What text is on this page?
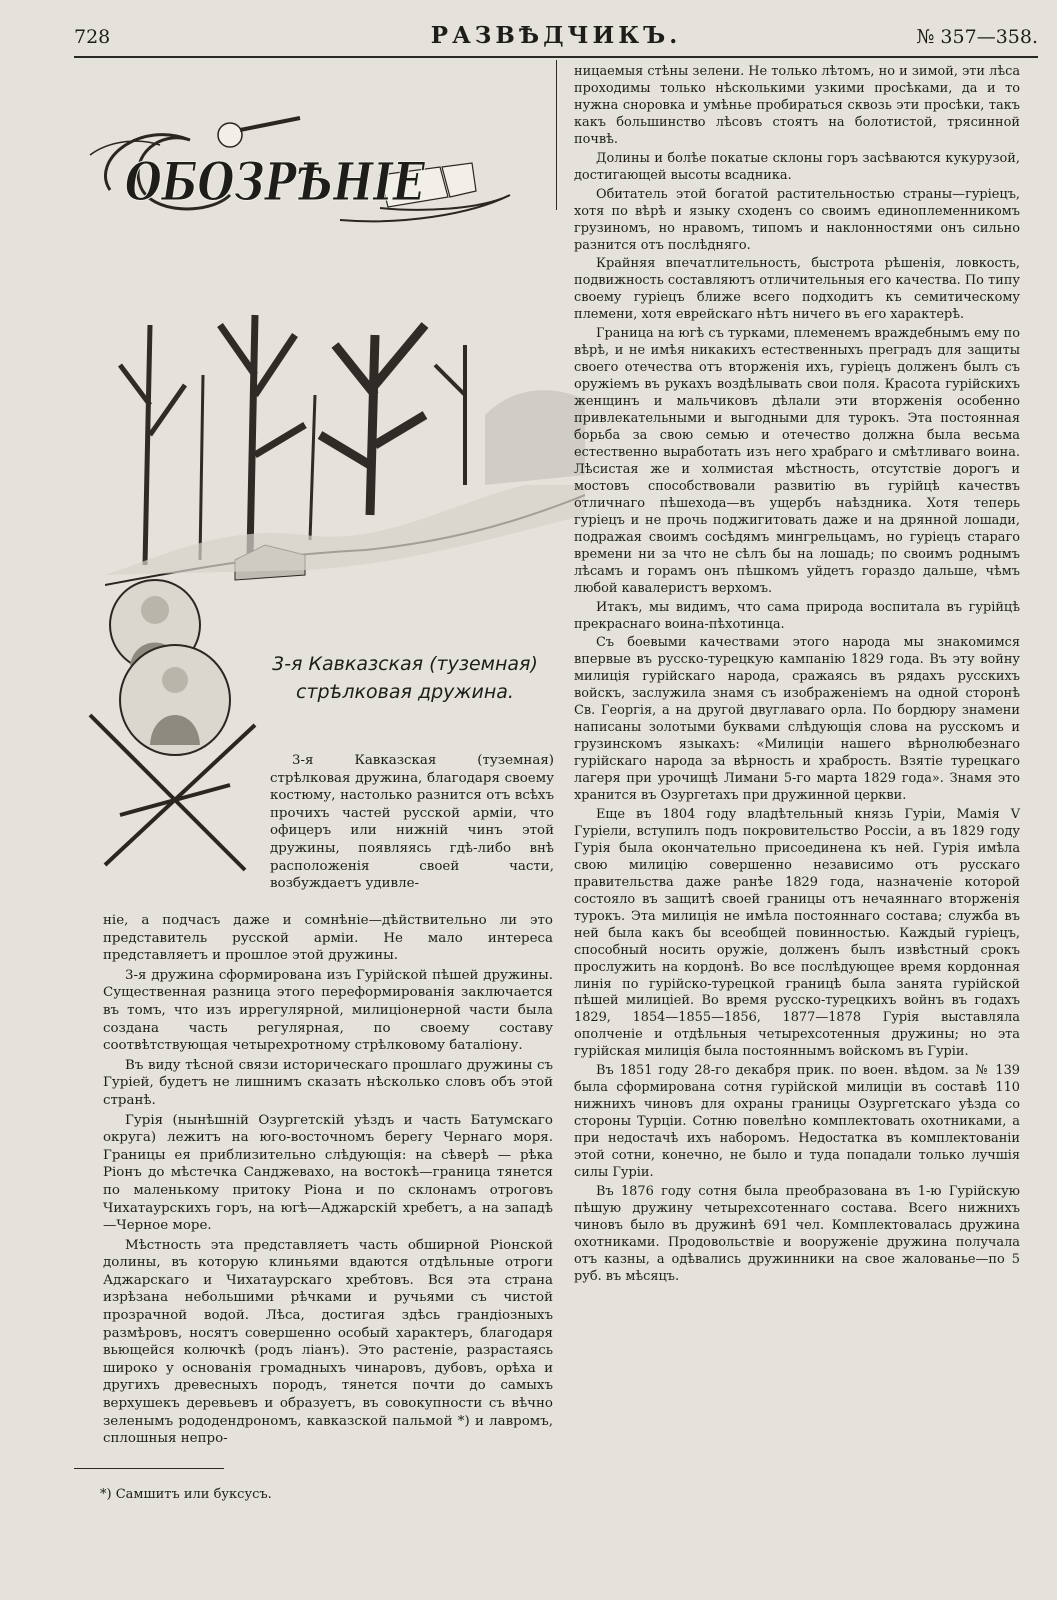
728	РАЗВѢДЧИКЪ.	№ 357—358.
ОБОЗРѢНІЕ
3-я Кавказская (туземная) стрѣлковая дружина.

3-я Кавказская (туземная) стрѣлковая дружина, благодаря своему костюму, настолько разнится отъ всѣхъ прочихъ частей русской арміи, что офицеръ или нижній чинъ этой дружины, появляясь гдѣ-либо внѣ расположенія своей части, возбуждаетъ удивле-

ніе, а подчасъ даже и сомнѣніе—дѣйствительно ли это представитель русской арміи. Не мало интереса представляетъ и прошлое этой дружины.

3-я дружина сформирована изъ Гурійской пѣшей дружины. Существенная разница этого переформированія заключается въ томъ, что изъ иррегулярной, милиціонерной части была создана часть регулярная, по своему составу соотвѣтствующая четырехротному стрѣлковому баталіону.

Въ виду тѣсной связи историческаго прошлаго дружины съ Гуріей, будетъ не лишнимъ сказать нѣсколько словъ объ этой странѣ.

Гурія (нынѣшній Озургетскій уѣздъ и часть Батумскаго округа) лежитъ на юго-восточномъ берегу Чернаго моря. Границы ея приблизительно слѣдующія: на сѣверѣ — рѣка Ріонъ до мѣстечка Санджевахо, на востокѣ—граница тянется по маленькому притоку Ріона и по склонамъ отроговъ Чихатаурскихъ горъ, на югѣ—Аджарскій хребетъ, а на западѣ—Черное море.

Мѣстность эта представляетъ часть обширной Ріонской долины, въ которую клиньями вдаются отдѣльные отроги Аджарскаго и Чихатаурскаго хребтовъ. Вся эта страна изрѣзана небольшими рѣчками и ручьями съ чистой прозрачной водой. Лѣса, достигая здѣсь грандіозныхъ размѣровъ, носятъ совершенно особый характеръ, благодаря вьющейся колючкѣ (родъ ліанъ). Это растеніе, разрастаясь широко у основанія громадныхъ чинаровъ, дубовъ, орѣха и другихъ древесныхъ породъ, тянется почти до самыхъ верхушекъ деревьевъ и образуетъ, въ совокупности съ вѣчно зеленымъ рододендрономъ, кавказской пальмой *) и лавромъ, сплошныя непро-

*) Самшитъ или буксусъ.

ницаемыя стѣны зелени. Не только лѣтомъ, но и зимой, эти лѣса проходимы только нѣсколькими узкими просѣками, да и то нужна сноровка и умѣнье пробираться сквозь эти просѣки, такъ какъ большинство лѣсовъ стоятъ на болотистой, трясинной почвѣ.

Долины и болѣе покатые склоны горъ засѣваются кукурузой, достигающей высоты всадника.

Обитатель этой богатой растительностью страны—гуріецъ, хотя по вѣрѣ и языку сходенъ со своимъ единоплеменникомъ грузиномъ, но нравомъ, типомъ и наклонностями онъ сильно разнится отъ послѣдняго.

Крайняя впечатлительность, быстрота рѣшенія, ловкость, подвижность составляютъ отличительныя его качества. По типу своему гуріецъ ближе всего подходитъ къ семитическому племени, хотя еврейскаго нѣтъ ничего въ его характерѣ.

Граница на югѣ съ турками, племенемъ враждебнымъ ему по вѣрѣ, и не имѣя никакихъ естественныхъ преградъ для защиты своего отечества отъ вторженія ихъ, гуріецъ долженъ былъ съ оружіемъ въ рукахъ воздѣлывать свои поля. Красота гурійскихъ женщинъ и мальчиковъ дѣлали эти вторженія особенно привлекательными и выгодными для турокъ. Эта постоянная борьба за свою семью и отечество должна была весьма естественно выработать изъ него храбраго и смѣтливаго воина. Лѣсистая же и холмистая мѣстность, отсутствіе дорогъ и мостовъ способствовали развитію въ гурійцѣ качествъ отличнаго пѣшехода—въ ущербъ наѣздника. Хотя теперь гуріецъ и не прочь поджигитовать даже и на дрянной лошади, подражая своимъ сосѣдямъ мингрельцамъ, но гуріецъ стараго времени ни за что не сѣлъ бы на лошадь; по своимъ роднымъ лѣсамъ и горамъ онъ пѣшкомъ уйдетъ гораздо дальше, чѣмъ любой кавалеристъ верхомъ.

Итакъ, мы видимъ, что сама природа воспитала въ гурійцѣ прекраснаго воина-пѣхотинца.

Съ боевыми качествами этого народа мы знакомимся впервые въ русско-турецкую кампанію 1829 года. Въ эту войну милиція гурійскаго народа, сражаясь въ рядахъ русскихъ войскъ, заслужила знамя съ изображеніемъ на одной сторонѣ Св. Георгія, а на другой двуглаваго орла. По бордюру знамени написаны золотыми буквами слѣдующія слова на русскомъ и грузинскомъ языкахъ: «Милиціи нашего вѣрнолюбезнаго гурійскаго народа за вѣрность и храбрость. Взятіе турецкаго лагеря при урочищѣ Лимани 5-го марта 1829 года». Знамя это хранится въ Озургетахъ при дружинной церкви.

Еще въ 1804 году владѣтельный князь Гуріи, Мамія V Гуріели, вступилъ подъ покровительство Россіи, а въ 1829 году Гурія была окончательно присоединена къ ней. Гурія имѣла свою милицію совершенно независимо отъ русскаго правительства даже ранѣе 1829 года, назначеніе которой состояло въ защитѣ своей границы отъ нечаяннаго вторженія турокъ. Эта милиція не имѣла постояннаго состава; служба въ ней была какъ бы всеобщей повинностью. Каждый гуріецъ, способный носить оружіе, долженъ былъ извѣстный срокъ прослужить на кордонѣ. Во все послѣдующее время кордонная линія по гурійско-турецкой границѣ была занята гурійской пѣшей милиціей. Во время русско-турецкихъ войнъ въ годахъ 1829, 1854—1855—1856, 1877—1878 Гурія выставляла ополченіе и отдѣльныя четырехсотенныя дружины; но эта гурійская милиція была постояннымъ войскомъ въ Гуріи.

Въ 1851 году 28-го декабря прик. по воен. вѣдом. за № 139 была сформирована сотня гурійской милиціи въ составѣ 110 нижнихъ чиновъ для охраны границы Озургетскаго уѣзда со стороны Турціи. Сотню повелѣно комплектовать охотниками, а при недостачѣ ихъ наборомъ. Недостатка въ комплектованіи этой сотни, конечно, не было и туда попадали только лучшія силы Гуріи.

Въ 1876 году сотня была преобразована въ 1-ю Гурійскую пѣшую дружину четырехсотеннаго состава. Всего нижнихъ чиновъ было въ дружинѣ 691 чел. Комплектовалась дружина охотниками. Продовольствіе и вооруженіе дружина получала отъ казны, а одѣвались дружинники на свое жалованье—по 5 руб. въ мѣсяцъ.
